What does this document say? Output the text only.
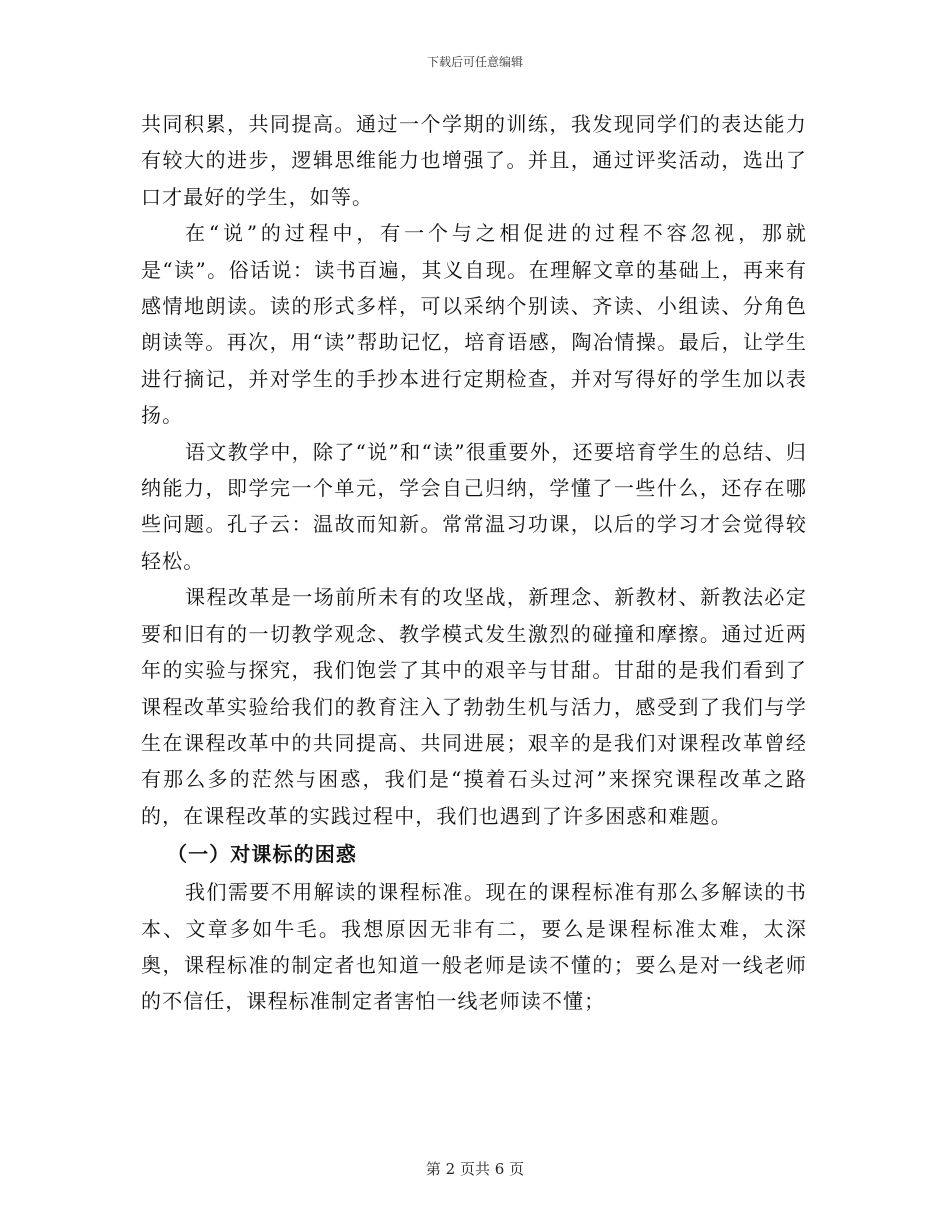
下载后可任意编辑

共同积累，共同提高。通过一个学期的训练，我发现同学们的表达能力有较大的进步，逻辑思维能力也增强了。并且，通过评奖活动，选出了口才最好的学生，如等。

在“说”的过程中，有一个与之相促进的过程不容忽视，那就是“读”。俗话说：读书百遍，其义自现。在理解文章的基础上，再来有感情地朗读。读的形式多样，可以采纳个别读、齐读、小组读、分角色朗读等。再次，用“读”帮助记忆，培育语感，陶冶情操。最后，让学生进行摘记，并对学生的手抄本进行定期检查，并对写得好的学生加以表扬。

语文教学中，除了“说”和“读”很重要外，还要培育学生的总结、归纳能力，即学完一个单元，学会自己归纳，学懂了一些什么，还存在哪些问题。孔子云：温故而知新。常常温习功课，以后的学习才会觉得较轻松。

课程改革是一场前所未有的攻坚战，新理念、新教材、新教法必定要和旧有的一切教学观念、教学模式发生激烈的碰撞和摩擦。通过近两年的实验与探究，我们饱尝了其中的艰辛与甘甜。甘甜的是我们看到了课程改革实验给我们的教育注入了勃勃生机与活力，感受到了我们与学生在课程改革中的共同提高、共同进展；艰辛的是我们对课程改革曾经有那么多的茫然与困惑，我们是“摸着石头过河”来探究课程改革之路的，在课程改革的实践过程中，我们也遇到了许多困惑和难题。

（一）对课标的困惑

我们需要不用解读的课程标准。现在的课程标准有那么多解读的书本、文章多如牛毛。我想原因无非有二，要么是课程标准太难，太深奥，课程标准的制定者也知道一般老师是读不懂的；要么是对一线老师的不信任，课程标准制定者害怕一线老师读不懂；

第 2 页共 6 页
